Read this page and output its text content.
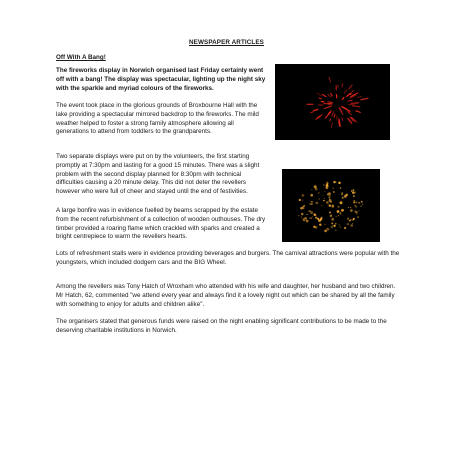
NEWSPAPER ARTICLES
Off With A Bang!

The fireworks display in Norwich organised last Friday certainly went off with a bang! The display was spectacular, lighting up the night sky with the sparkle and myriad colours of the fireworks.

The event took place in the glorious grounds of Broxbourne Hall with the lake providing a spectacular mirrored backdrop to the fireworks. The mild weather helped to foster a strong family atmosphere allowing all generations to attend from toddlers to the grandparents.

Two separate displays were put on by the volunteers, the first starting promptly at 7:30pm and lasting for a good 15 minutes. There was a slight problem with the second display planned for 8:30pm with technical difficulties causing a 20 minute delay. This did not deter the revellers however who were full of cheer and stayed until the end of festivities.

A large bonfire was in evidence fuelled by beams scrapped by the estate from the recent refurbishment of a collection of wooden outhouses. The dry timber provided a roaring flame which crackled with sparks and created a bright centrepiece to warm the revellers hearts.

Lots of refreshment stalls were in evidence providing beverages and burgers. The carnival attractions were popular with the youngsters, which included dodgem cars and the BIG Wheel.

Among the revellers was Tony Hatch of Wroxham who attended with his wife and daughter, her husband and two children. Mr Hatch, 62, commented "we attend every year and always find it a lovely night out which can be shared by all the family with something to enjoy for adults and children alike".

The organisers stated that generous funds were raised on the night enabling significant contributions to be made to the deserving charitable institutions in Norwich.
